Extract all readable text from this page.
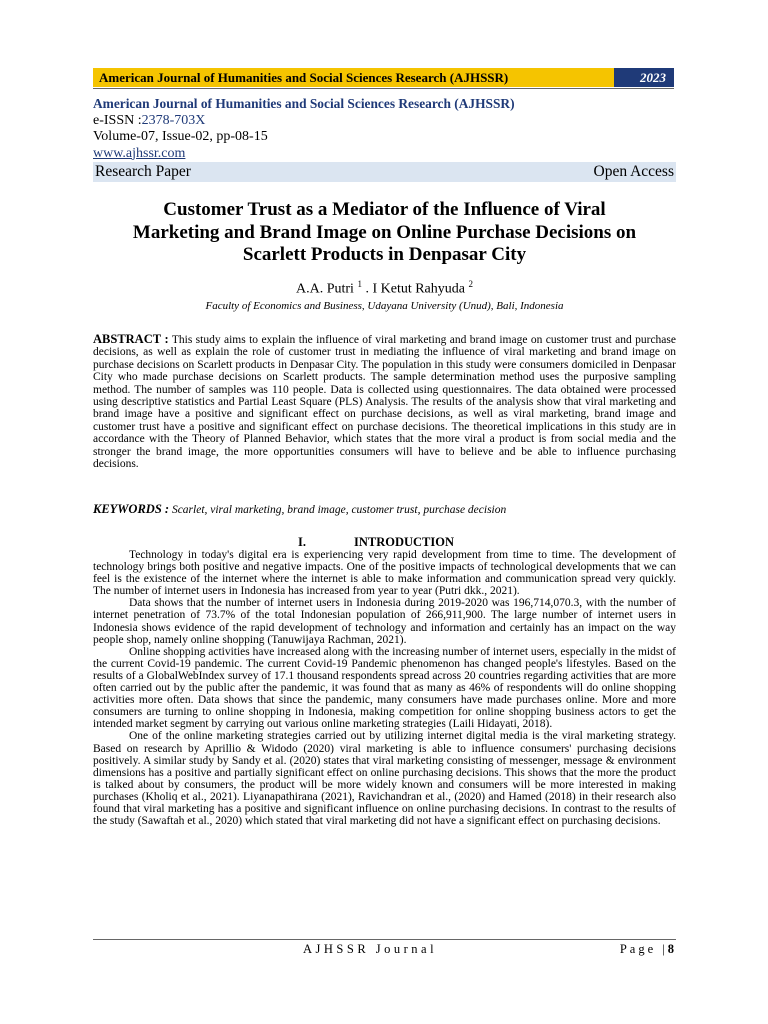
American Journal of Humanities and Social Sciences Research (AJHSSR)	2023
American Journal of Humanities and Social Sciences Research (AJHSSR)
e-ISSN :2378-703X
Volume-07, Issue-02, pp-08-15
www.ajhssr.com
Research Paper	Open Access
Customer Trust as a Mediator of the Influence of Viral
Marketing and Brand Image on Online Purchase Decisions on
Scarlett Products in Denpasar City
A.A. Putri $^1$ . I Ketut Rahyuda $^2$
Faculty of Economics and Business, Udayana University (Unud), Bali, Indonesia
ABSTRACT : This study aims to explain the influence of viral marketing and brand image on customer trust and purchase decisions, as well as explain the role of customer trust in mediating the influence of viral marketing and brand image on purchase decisions on Scarlett products in Denpasar City. The population in this study were consumers domiciled in Denpasar City who made purchase decisions on Scarlett products. The sample determination method uses the purposive sampling method. The number of samples was 110 people. Data is collected using questionnaires. The data obtained were processed using descriptive statistics and Partial Least Square (PLS) Analysis. The results of the analysis show that viral marketing and brand image have a positive and significant effect on purchase decisions, as well as viral marketing, brand image and customer trust have a positive and significant effect on purchase decisions. The theoretical implications in this study are in accordance with the Theory of Planned Behavior, which states that the more viral a product is from social media and the stronger the brand image, the more opportunities consumers will have to believe and be able to influence purchasing decisions.
KEYWORDS : Scarlet, viral marketing, brand image, customer trust, purchase decision
I.	INTRODUCTION

Technology in today's digital era is experiencing very rapid development from time to time. The development of technology brings both positive and negative impacts. One of the positive impacts of technological developments that we can feel is the existence of the internet where the internet is able to make information and communication spread very quickly. The number of internet users in Indonesia has increased from year to year (Putri dkk., 2021).

Data shows that the number of internet users in Indonesia during 2019-2020 was 196,714,070.3, with the number of internet penetration of 73.7% of the total Indonesian population of 266,911,900. The large number of internet users in Indonesia shows evidence of the rapid development of technology and information and certainly has an impact on the way people shop, namely online shopping (Tanuwijaya Rachman, 2021).

Online shopping activities have increased along with the increasing number of internet users, especially in the midst of the current Covid-19 pandemic. The current Covid-19 Pandemic phenomenon has changed people's lifestyles. Based on the results of a GlobalWebIndex survey of 17.1 thousand respondents spread across 20 countries regarding activities that are more often carried out by the public after the pandemic, it was found that as many as 46% of respondents will do online shopping activities more often. Data shows that since the pandemic, many consumers have made purchases online. More and more consumers are turning to online shopping in Indonesia, making competition for online shopping business actors to get the intended market segment by carrying out various online marketing strategies (Laili Hidayati, 2018).

One of the online marketing strategies carried out by utilizing internet digital media is the viral marketing strategy. Based on research by Aprillio & Widodo (2020) viral marketing is able to influence consumers' purchasing decisions positively. A similar study by Sandy et al. (2020) states that viral marketing consisting of messenger, message & environment dimensions has a positive and partially significant effect on online purchasing decisions. This shows that the more the product is talked about by consumers, the product will be more widely known and consumers will be more interested in making purchases (Kholiq et al., 2021). Liyanapathirana (2021), Ravichandran et al., (2020) and Hamed (2018) in their research also found that viral marketing has a positive and significant influence on online purchasing decisions. In contrast to the results of the study (Sawaftah et al., 2020) which stated that viral marketing did not have a significant effect on purchasing decisions.

AJHSSR Journal	Page |8
